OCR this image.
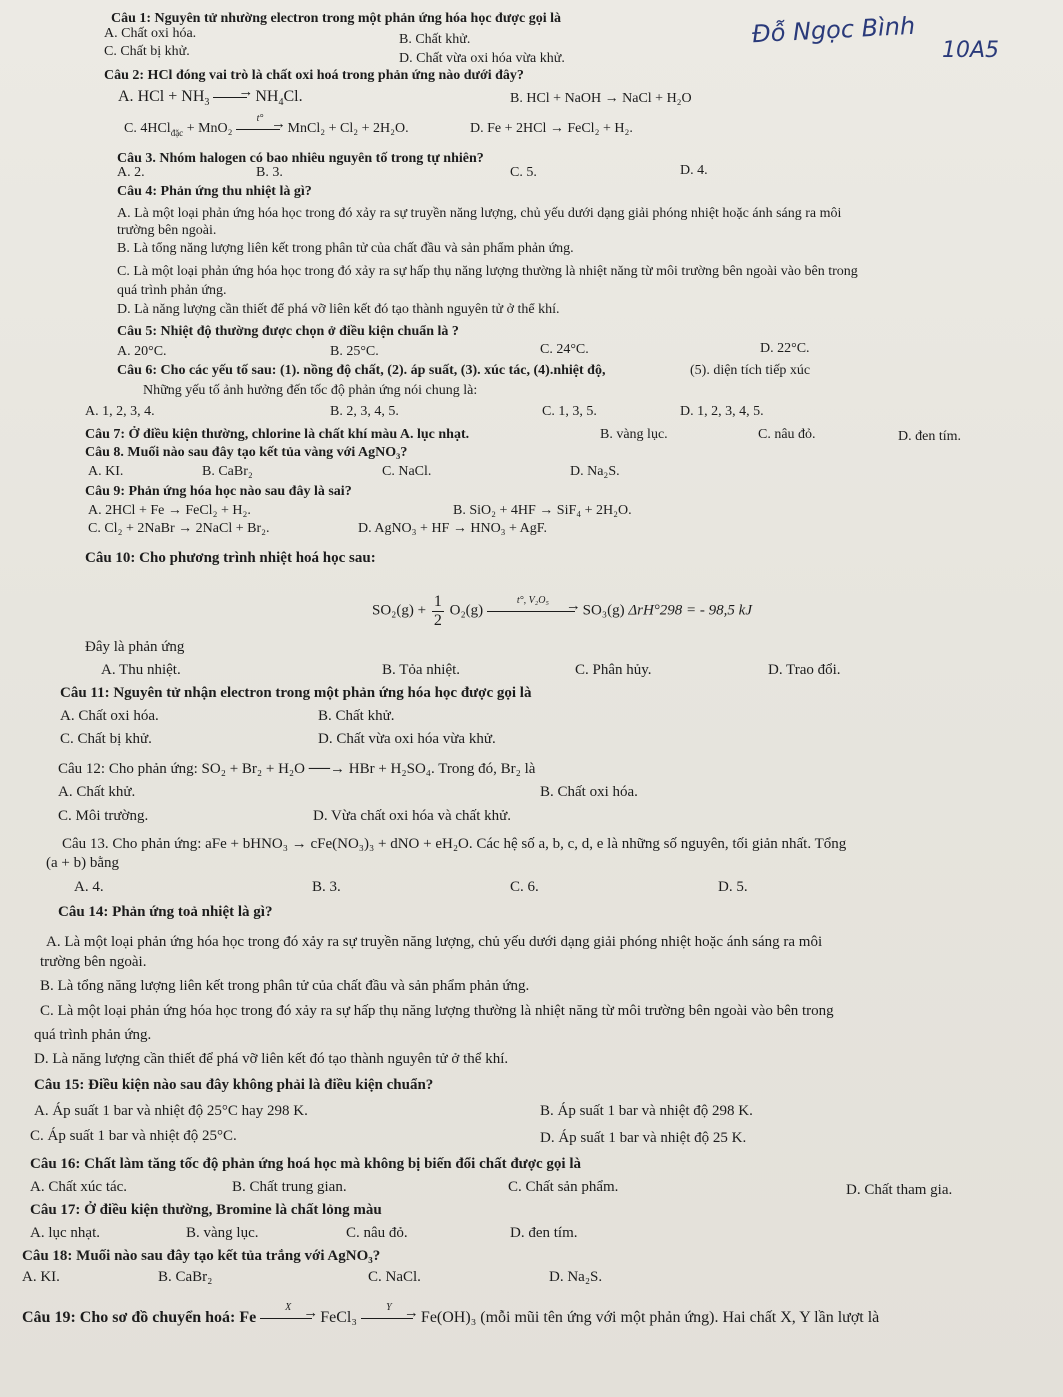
Đỗ Ngọc Bình
10A5
Câu 1: Nguyên tử nhường electron trong một phản ứng hóa học được gọi là
A. Chất oxi hóa.	B. Chất khử.
C. Chất bị khử.	D. Chất vừa oxi hóa vừa khử.
Câu 2: HCl đóng vai trò là chất oxi hoá trong phản ứng nào dưới đây?
A. HCl + $NH_3$ →	$NH_4Cl$.	B. HCl + NaOH → NaCl + H₂O
C. 4HCl$_{đặc}$ + MnO₂
t°
→ MnCl₂ + Cl₂ + 2H₂O.	D. Fe + 2HCl → FeCl₂ + H₂.
Câu 3. Nhóm halogen có bao nhiêu nguyên tố trong tự nhiên?
A. 2.	B. 3.	C. 5.	D. 4.
Câu 4: Phản ứng thu nhiệt là gì?
A. Là một loại phản ứng hóa học trong đó xảy ra sự truyền năng lượng, chủ yếu dưới dạng giải phóng nhiệt hoặc ánh sáng ra môi
trường bên ngoài.
B. Là tổng năng lượng liên kết trong phân tử của chất đầu và sản phẩm phản ứng.
C. Là một loại phản ứng hóa học trong đó xảy ra sự hấp thụ năng lượng thường là nhiệt năng từ môi trường bên ngoài vào bên trong
quá trình phản ứng.
D. Là năng lượng cần thiết để phá vỡ liên kết đó tạo thành nguyên tử ở thể khí.
Câu 5: Nhiệt độ thường được chọn ở điều kiện chuẩn là ?
A. 20°C.	B. 25°C.	C. 24°C.	D. 22°C.
Câu 6: Cho các yếu tố sau: (1). nồng độ chất, (2). áp suất, (3). xúc tác, (4).nhiệt độ,	(5). diện tích tiếp xúc
Những yếu tố ảnh hưởng đến tốc độ phản ứng nói chung là:
A. 1, 2, 3, 4.	B. 2, 3, 4, 5.	C. 1, 3, 5.	D. 1, 2, 3, 4, 5.
Câu 7: Ở điều kiện thường, chlorine là chất khí màu A. lục nhạt.	B. vàng lục.	C. nâu đỏ.	D. đen tím.
Câu 8. Muối nào sau đây tạo kết tủa vàng với AgNO₃?
A. KI.	B. CaBr₂	C. NaCl.	D. Na₂S.
Câu 9: Phản ứng hóa học nào sau đây là sai?
A. 2HCl + Fe → FeCl₂ + H₂.	B. SiO₂ + 4HF → SiF₄ + 2H₂O.
C. Cl₂ + 2NaBr → 2NaCl + Br₂.	D. AgNO₃ + HF → HNO₃ + AgF.
Câu 10: Cho phương trình nhiệt hoá học sau:
$SO_2(g) + \frac{1}{2} O_2(g)$
t°, V₂O₅
→ SO₃(g) ΔrH°298 = - 98,5 kJ
Đây là phản ứng
A. Thu nhiệt.	B. Tỏa nhiệt.	C. Phân hủy.	D. Trao đổi.
Câu 11: Nguyên tử nhận electron trong một phản ứng hóa học được gọi là
A. Chất oxi hóa.	B. Chất khử.
C. Chất bị khử.	D. Chất vừa oxi hóa vừa khử.
Câu 12: Cho phản ứng: SO₂ + Br₂ + H₂O ──→ HBr + H₂SO₄. Trong đó, Br₂ là
A. Chất khử.	B. Chất oxi hóa.
C. Môi trường.	D. Vừa chất oxi hóa và chất khử.
Câu 13. Cho phản ứng: aFe + bHNO₃ → cFe(NO₃)₃ + dNO + eH₂O. Các hệ số a, b, c, d, e là những số nguyên, tối giản nhất. Tổng
(a + b) bằng
A. 4.	B. 3.	C. 6.	D. 5.
Câu 14: Phản ứng toả nhiệt là gì?
A. Là một loại phản ứng hóa học trong đó xảy ra sự truyền năng lượng, chủ yếu dưới dạng giải phóng nhiệt hoặc ánh sáng ra môi
trường bên ngoài.
B. Là tổng năng lượng liên kết trong phân tử của chất đầu và sản phẩm phản ứng.
C. Là một loại phản ứng hóa học trong đó xảy ra sự hấp thụ năng lượng thường là nhiệt năng từ môi trường bên ngoài vào bên trong
quá trình phản ứng.
D. Là năng lượng cần thiết để phá vỡ liên kết đó tạo thành nguyên tử ở thể khí.
Câu 15: Điều kiện nào sau đây không phải là điều kiện chuẩn?
A. Áp suất 1 bar và nhiệt độ 25°C hay 298 K.	B. Áp suất 1 bar và nhiệt độ 298 K.
C. Áp suất 1 bar và nhiệt độ 25°C.	D. Áp suất 1 bar và nhiệt độ 25 K.
Câu 16: Chất làm tăng tốc độ phản ứng hoá học mà không bị biến đổi chất được gọi là
A. Chất xúc tác.	B. Chất trung gian.	C. Chất sản phẩm.	D. Chất tham gia.
Câu 17: Ở điều kiện thường, Bromine là chất lỏng màu
A. lục nhạt.	B. vàng lục.	C. nâu đỏ.	D. đen tím.
Câu 18: Muối nào sau đây tạo kết tủa trắng với AgNO₃?
A. KI.	B. CaBr₂	C. NaCl.	D. Na₂S.
Câu 19: Cho sơ đồ chuyển hoá: Fe
X
→ FeCl₃
Y
→ Fe(OH)₃ (mỗi mũi tên ứng với một phản ứng). Hai chất X, Y lần lượt là
